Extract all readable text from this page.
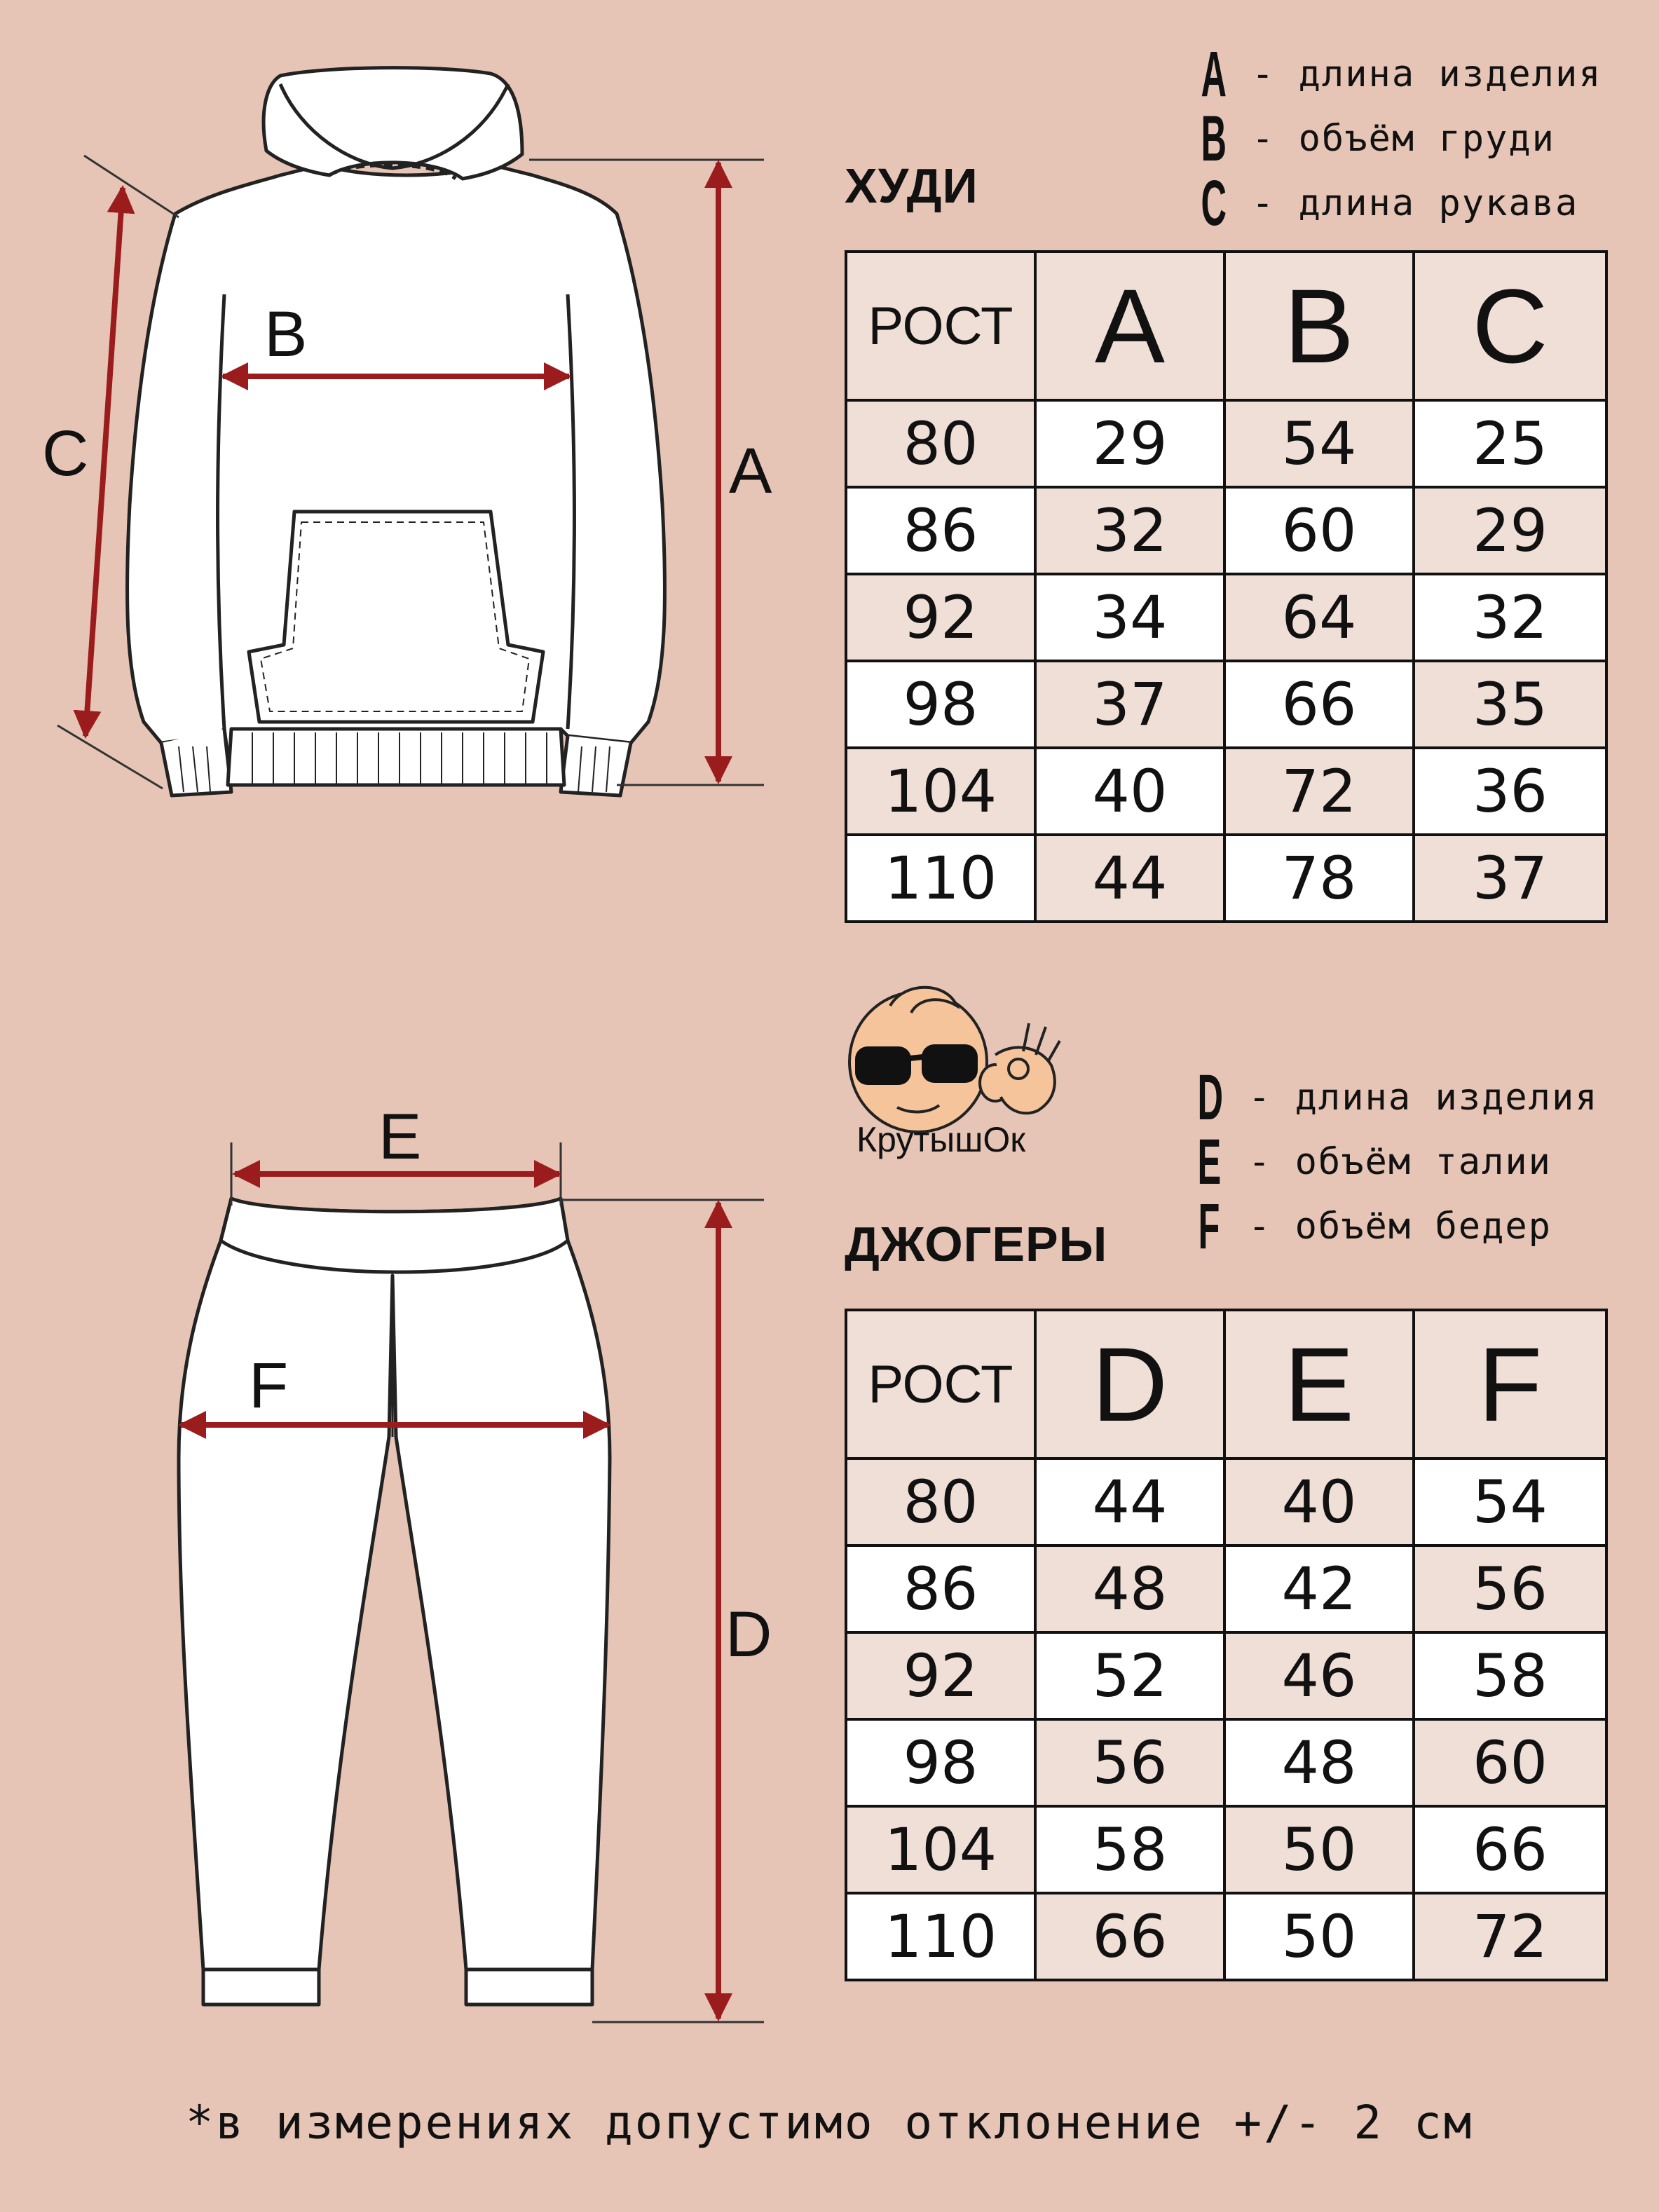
C
B
A
E
F
D
A - длина изделия
B - объём груди
C - длина рукава
ХУДИ
РОСТ	A	B	C
80	29	54	25
86	32	60	29
92	34	64	32
98	37	66	35
104	40	72	36
110	44	78	37
КрутышОк
D - длина изделия
E - объём талии
F - объём бедер
ДЖОГЕРЫ
РОСТ	D	E	F
80	44	40	54
86	48	42	56
92	52	46	58
98	56	48	60
104	58	50	66
110	66	50	72
*в измерениях допустимо отклонение +/- 2 см
